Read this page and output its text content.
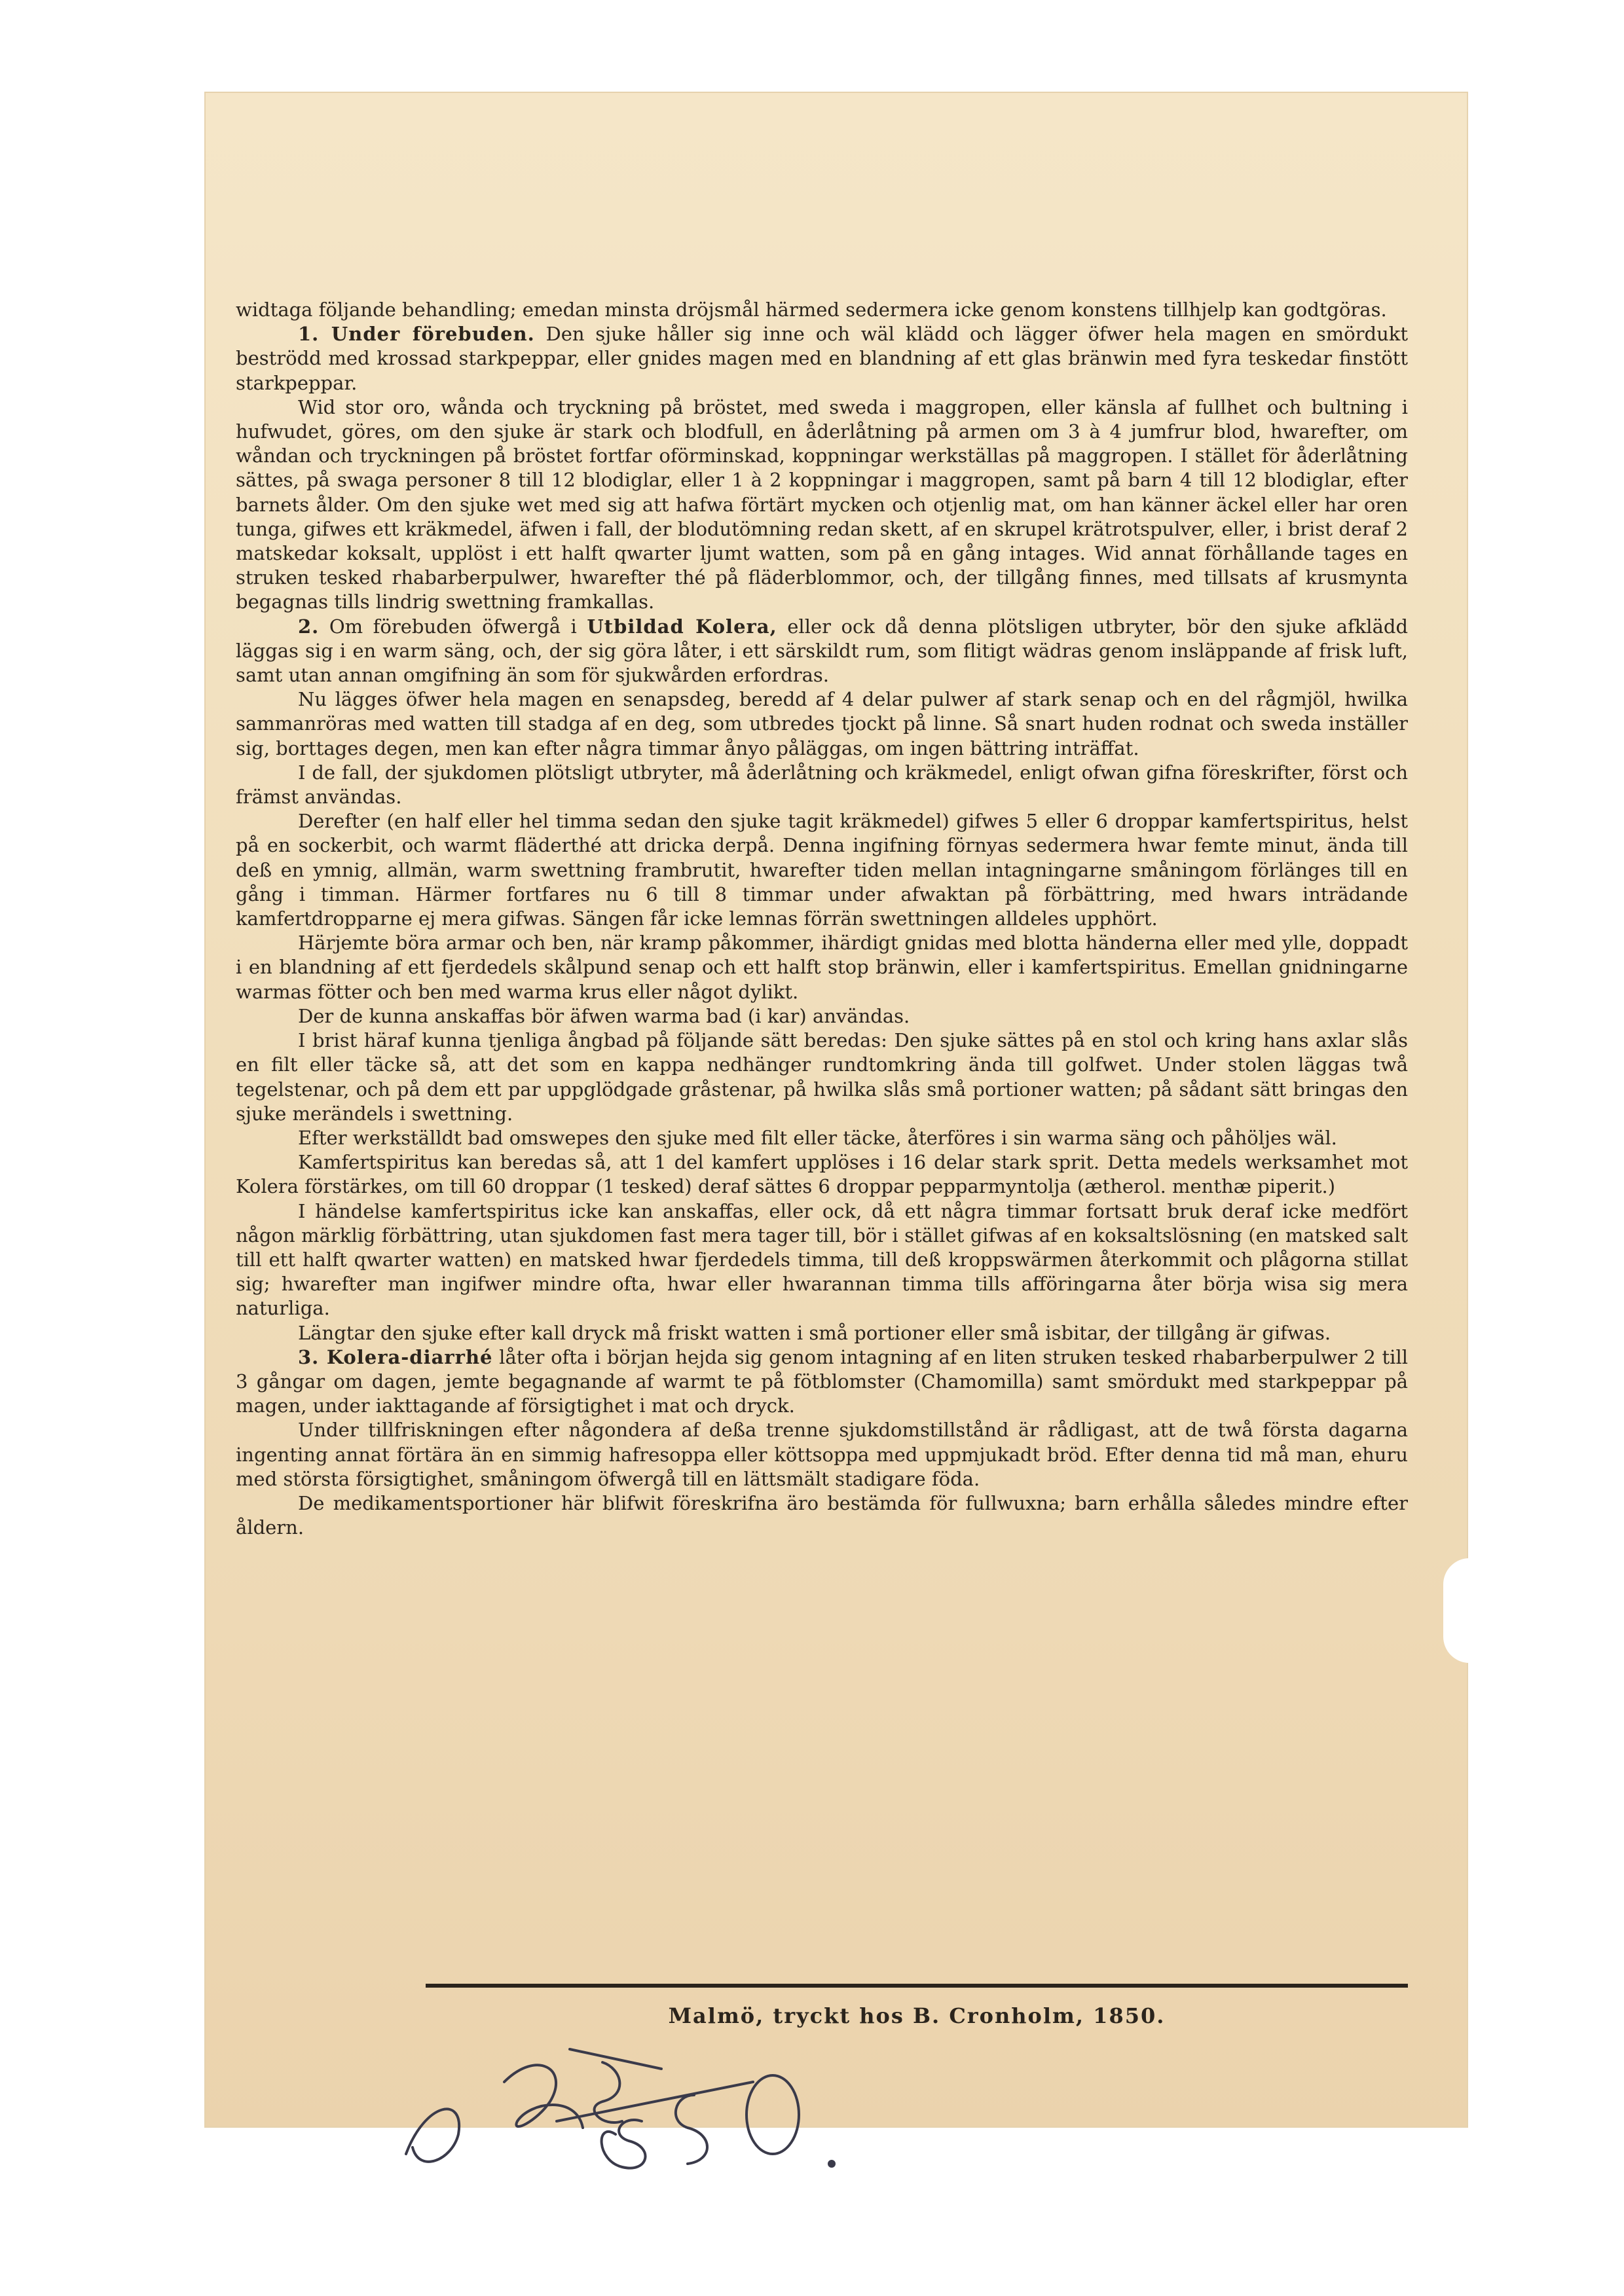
widtaga följande behandling; emedan minsta dröjsmål härmed sedermera icke genom konstens tillhjelp kan godtgöras.

1. Under förebuden. Den sjuke håller sig inne och wäl klädd och lägger öfwer hela magen en smördukt beströdd med krossad starkpeppar, eller gnides magen med en blandning af ett glas bränwin med fyra teskedar finstött starkpeppar.

Wid stor oro, wånda och tryckning på bröstet, med sweda i maggropen, eller känsla af fullhet och bultning i hufwudet, göres, om den sjuke är stark och blodfull, en åderlåtning på armen om 3 à 4 jumfrur blod, hwarefter, om wåndan och tryckningen på bröstet fortfar oförminskad, koppningar werkställas på maggropen. I stället för åderlåtning sättes, på swaga personer 8 till 12 blodiglar, eller 1 à 2 koppningar i maggropen, samt på barn 4 till 12 blodiglar, efter barnets ålder. Om den sjuke wet med sig att hafwa förtärt mycken och otjenlig mat, om han känner äckel eller har oren tunga, gifwes ett kräkmedel, äfwen i fall, der blodutömning redan skett, af en skrupel krätrotspulver, eller, i brist deraf 2 matskedar koksalt, upplöst i ett halft qwarter ljumt watten, som på en gång intages. Wid annat förhållande tages en struken tesked rhabarberpulwer, hwarefter thé på fläderblommor, och, der tillgång finnes, med tillsats af krusmynta begagnas tills lindrig swettning framkallas.

2. Om förebuden öfwergå i Utbildad Kolera, eller ock då denna plötsligen utbryter, bör den sjuke afklädd läggas sig i en warm säng, och, der sig göra låter, i ett särskildt rum, som flitigt wädras genom insläppande af frisk luft, samt utan annan omgifning än som för sjukwården erfordras.

Nu lägges öfwer hela magen en senapsdeg, beredd af 4 delar pulwer af stark senap och en del rågmjöl, hwilka sammanröras med watten till stadga af en deg, som utbredes tjockt på linne. Så snart huden rodnat och sweda inställer sig, borttages degen, men kan efter några timmar ånyo påläggas, om ingen bättring inträffat.

I de fall, der sjukdomen plötsligt utbryter, må åderlåtning och kräkmedel, enligt ofwan gifna föreskrifter, först och främst användas.

Derefter (en half eller hel timma sedan den sjuke tagit kräkmedel) gifwes 5 eller 6 droppar kamfertspiritus, helst på en sockerbit, och warmt fläderthé att dricka derpå. Denna ingifning förnyas sedermera hwar femte minut, ända till deß en ymnig, allmän, warm swettning frambrutit, hwarefter tiden mellan intagningarne småningom förlänges till en gång i timman. Härmer fortfares nu 6 till 8 timmar under afwaktan på förbättring, med hwars inträdande kamfertdropparne ej mera gifwas. Sängen får icke lemnas förrän swettningen alldeles upphört.

Härjemte böra armar och ben, när kramp påkommer, ihärdigt gnidas med blotta händerna eller med ylle, doppadt i en blandning af ett fjerdedels skålpund senap och ett halft stop bränwin, eller i kamfertspiritus. Emellan gnidningarne warmas fötter och ben med warma krus eller något dylikt.

Der de kunna anskaffas bör äfwen warma bad (i kar) användas.

I brist häraf kunna tjenliga ångbad på följande sätt beredas: Den sjuke sättes på en stol och kring hans axlar slås en filt eller täcke så, att det som en kappa nedhänger rundtomkring ända till golfwet. Under stolen läggas twå tegelstenar, och på dem ett par uppglödgade gråstenar, på hwilka slås små portioner watten; på sådant sätt bringas den sjuke merändels i swettning.

Efter werkställdt bad omswepes den sjuke med filt eller täcke, återföres i sin warma säng och påhöljes wäl.

Kamfertspiritus kan beredas så, att 1 del kamfert upplöses i 16 delar stark sprit. Detta medels werksamhet mot Kolera förstärkes, om till 60 droppar (1 tesked) deraf sättes 6 droppar pepparmyntolja (ætherol. menthæ piperit.)

I händelse kamfertspiritus icke kan anskaffas, eller ock, då ett några timmar fortsatt bruk deraf icke medfört någon märklig förbättring, utan sjukdomen fast mera tager till, bör i stället gifwas af en koksaltslösning (en matsked salt till ett halft qwarter watten) en matsked hwar fjerdedels timma, till deß kroppswärmen återkommit och plågorna stillat sig; hwarefter man ingifwer mindre ofta, hwar eller hwarannan timma tills afföringarna åter börja wisa sig mera naturliga.

Längtar den sjuke efter kall dryck må friskt watten i små portioner eller små isbitar, der tillgång är gifwas.

3. Kolera-diarrhé låter ofta i början hejda sig genom intagning af en liten struken tesked rhabarberpulwer 2 till 3 gångar om dagen, jemte begagnande af warmt te på fötblomster (Chamomilla) samt smördukt med starkpeppar på magen, under iakttagande af försigtighet i mat och dryck.

Under tillfriskningen efter någondera af deßa trenne sjukdomstillstånd är rådligast, att de twå första dagarna ingenting annat förtära än en simmig hafresoppa eller köttsoppa med uppmjukadt bröd. Efter denna tid må man, ehuru med största försigtighet, småningom öfwergå till en lättsmält stadigare föda.

De medikamentsportioner här blifwit föreskrifna äro bestämda för fullwuxna; barn erhålla således mindre efter åldern.

Malmö, tryckt hos B. Cronholm, 1850.
